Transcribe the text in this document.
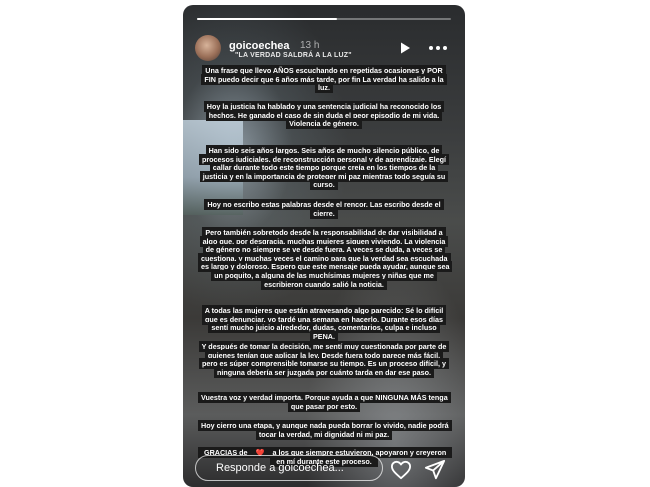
goicoechea 13 h
"LA VERDAD SALDRÁ A LA LUZ"
Una frase que llevo AÑOS escuchando en repetidas ocasiones y POR FIN puedo decir que 6 años más tarde, por fin La verdad ha salido a la luz.
Hoy la justicia ha hablado y una sentencia judicial ha reconocido los hechos. He ganado el caso de sin duda el peor episodio de mi vida. Violencia de género.
Han sido seis años largos. Seis años de mucho silencio público, de procesos judiciales, de reconstrucción personal y de aprendizaje. Elegí callar durante todo este tiempo porque creía en los tiempos de la justicia y en la importancia de proteger mi paz mientras todo seguía su curso.
Hoy no escribo estas palabras desde el rencor. Las escribo desde el cierre.
Pero también sobretodo desde la responsabilidad de dar visibilidad a algo que, por desgracia, muchas mujeres siguen viviendo. La violencia de género no siempre se ve desde fuera. A veces se duda, a veces se cuestiona, y muchas veces el camino para que la verdad sea escuchada es largo y doloroso. Espero que este mensaje pueda ayudar, aunque sea un poquito, a alguna de las muchísimas mujeres y niñas que me escribieron cuando salió la noticia.
A todas las mujeres que están atravesando algo parecido: Sé lo difícil que es denunciar, yo tardé una semana en hacerlo. Durante esos días sentí mucho juicio alrededor, dudas, comentarios, culpa e incluso PENA.
Y después de tomar la decisión, me sentí muy cuestionada por parte de quienes tenían que aplicar la ley. Desde fuera todo parece más fácil, pero es súper comprensible tomarse su tiempo. Es un proceso difícil, y ninguna debería ser juzgada por cuánto tarda en dar ese paso.
Vuestra voz y verdad importa. Porque ayuda a que NINGUNA MÁS tenga que pasar por esto.
Hoy cierro una etapa, y aunque nada pueda borrar lo vivido, nadie podrá tocar la verdad, mi dignidad ni mi paz.
GRACIAS de ❤️ a los que siempre estuvieron, apoyaron y creyeron en mí durante este proceso.
Responde a goicoechea...
